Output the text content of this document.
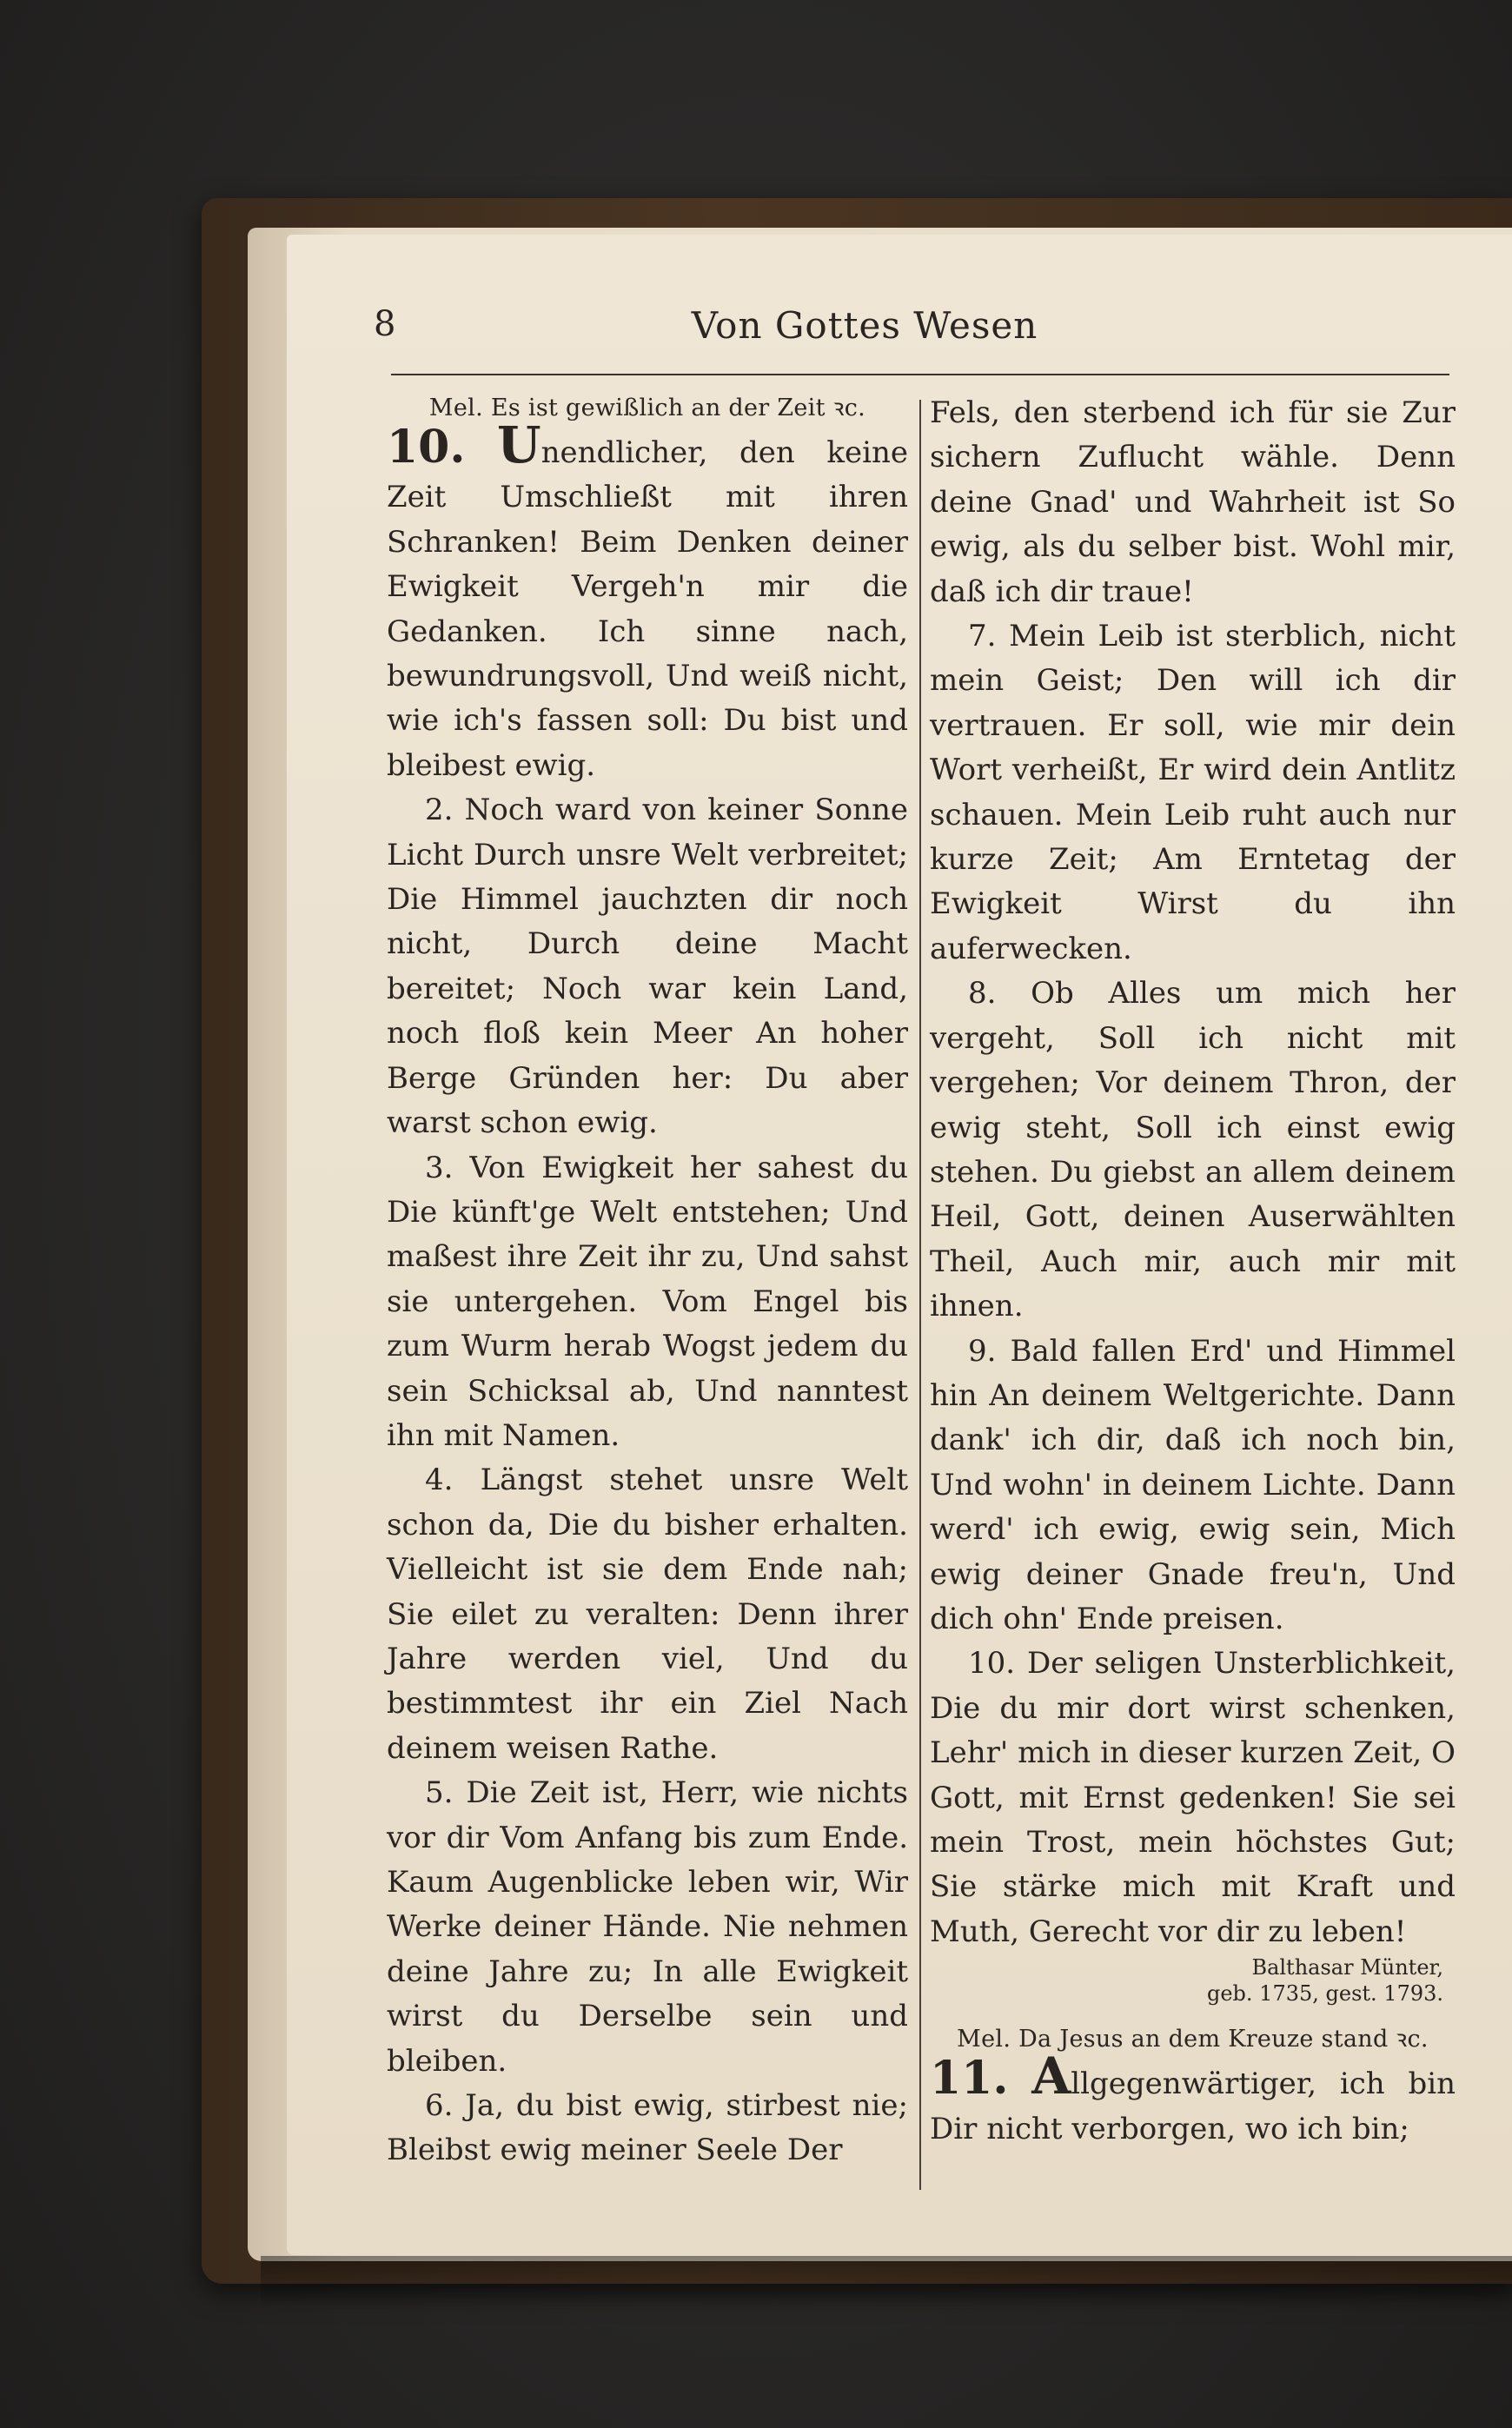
8	Von Gottes Wesen
Mel. Es ist gewißlich an der Zeit ꝛc.

10. Unendlicher, den keine Zeit Umschließt mit ihren Schranken! Beim Denken deiner Ewigkeit Vergeh'n mir die Gedanken. Ich sinne nach, bewundrungsvoll, Und weiß nicht, wie ich's fassen soll: Du bist und bleibest ewig.

2. Noch ward von keiner Sonne Licht Durch unsre Welt verbreitet; Die Himmel jauchzten dir noch nicht, Durch deine Macht bereitet; Noch war kein Land, noch floß kein Meer An hoher Berge Gründen her: Du aber warst schon ewig.

3. Von Ewigkeit her sahest du Die künft'ge Welt entstehen; Und maßest ihre Zeit ihr zu, Und sahst sie untergehen. Vom Engel bis zum Wurm herab Wogst jedem du sein Schicksal ab, Und nanntest ihn mit Namen.

4. Längst stehet unsre Welt schon da, Die du bisher erhalten. Vielleicht ist sie dem Ende nah; Sie eilet zu veralten: Denn ihrer Jahre werden viel, Und du bestimmtest ihr ein Ziel Nach deinem weisen Rathe.

5. Die Zeit ist, Herr, wie nichts vor dir Vom Anfang bis zum Ende. Kaum Augenblicke leben wir, Wir Werke deiner Hände. Nie nehmen deine Jahre zu; In alle Ewigkeit wirst du Derselbe sein und bleiben.

6. Ja, du bist ewig, stirbest nie; Bleibst ewig meiner Seele Der

Fels, den sterbend ich für sie Zur sichern Zuflucht wähle. Denn deine Gnad' und Wahrheit ist So ewig, als du selber bist. Wohl mir, daß ich dir traue!

7. Mein Leib ist sterblich, nicht mein Geist; Den will ich dir vertrauen. Er soll, wie mir dein Wort verheißt, Er wird dein Antlitz schauen. Mein Leib ruht auch nur kurze Zeit; Am Erntetag der Ewigkeit Wirst du ihn auferwecken.

8. Ob Alles um mich her vergeht, Soll ich nicht mit vergehen; Vor deinem Thron, der ewig steht, Soll ich einst ewig stehen. Du giebst an allem deinem Heil, Gott, deinen Auserwählten Theil, Auch mir, auch mir mit ihnen.

9. Bald fallen Erd' und Himmel hin An deinem Weltgerichte. Dann dank' ich dir, daß ich noch bin, Und wohn' in deinem Lichte. Dann werd' ich ewig, ewig sein, Mich ewig deiner Gnade freu'n, Und dich ohn' Ende preisen.

10. Der seligen Unsterblichkeit, Die du mir dort wirst schenken, Lehr' mich in dieser kurzen Zeit, O Gott, mit Ernst gedenken! Sie sei mein Trost, mein höchstes Gut; Sie stärke mich mit Kraft und Muth, Gerecht vor dir zu leben!

Balthasar Münter,
geb. 1735, gest. 1793.
Mel. Da Jesus an dem Kreuze stand ꝛc.

11. Allgegenwärtiger, ich bin Dir nicht verborgen, wo ich bin;
